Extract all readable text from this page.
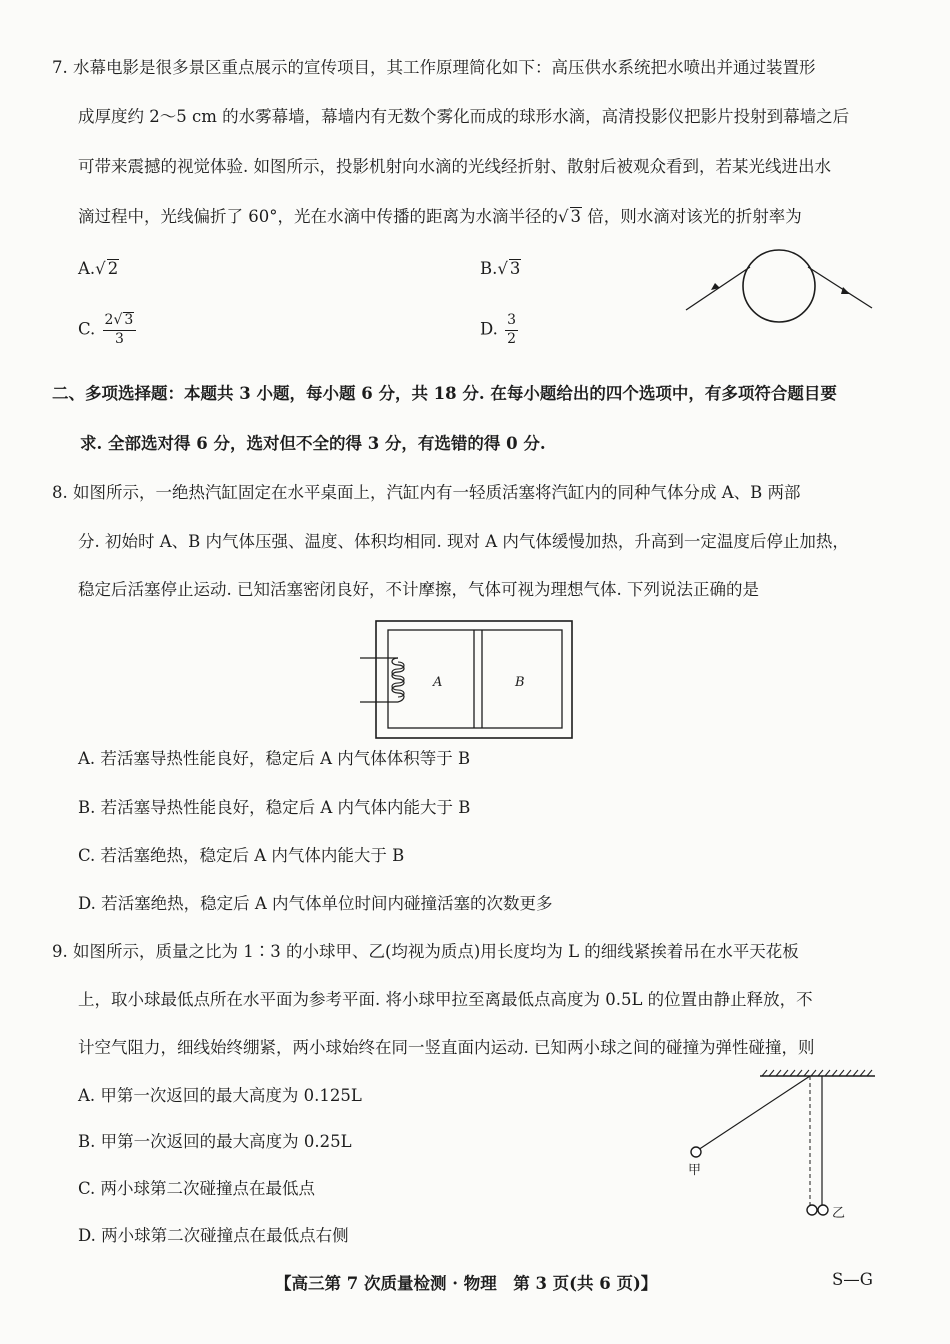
7. 水幕电影是很多景区重点展示的宣传项目，其工作原理简化如下：高压供水系统把水喷出并通过装置形
成厚度约 2～5 cm 的水雾幕墙，幕墙内有无数个雾化而成的球形水滴，高清投影仪把影片投射到幕墙之后
可带来震撼的视觉体验. 如图所示，投影机射向水滴的光线经折射、散射后被观众看到，若某光线进出水
滴过程中，光线偏折了 60°，光在水滴中传播的距离为水滴半径的√ 3 倍，则水滴对该光的折射率为
A.√ 2	B.√ 3
C. $\frac{2√ 3}{3}$	D. $\frac{3}{2}$
二、多项选择题：本题共 3 小题，每小题 6 分，共 18 分. 在每小题给出的四个选项中，有多项符合题目要
求. 全部选对得 6 分，选对但不全的得 3 分，有选错的得 0 分.
8. 如图所示，一绝热汽缸固定在水平桌面上，汽缸内有一轻质活塞将汽缸内的同种气体分成 A、B 两部
分. 初始时 A、B 内气体压强、温度、体积均相同. 现对 A 内气体缓慢加热，升高到一定温度后停止加热，
稳定后活塞停止运动. 已知活塞密闭良好，不计摩擦，气体可视为理想气体. 下列说法正确的是
A	B
A. 若活塞导热性能良好，稳定后 A 内气体体积等于 B
B. 若活塞导热性能良好，稳定后 A 内气体内能大于 B
C. 若活塞绝热，稳定后 A 内气体内能大于 B
D. 若活塞绝热，稳定后 A 内气体单位时间内碰撞活塞的次数更多
9. 如图所示，质量之比为 1∶3 的小球甲、乙(均视为质点)用长度均为 L 的细线紧挨着吊在水平天花板
上，取小球最低点所在水平面为参考平面. 将小球甲拉至离最低点高度为 0.5L 的位置由静止释放，不
计空气阻力，细线始终绷紧，两小球始终在同一竖直面内运动. 已知两小球之间的碰撞为弹性碰撞，则
A. 甲第一次返回的最大高度为 0.125L
B. 甲第一次返回的最大高度为 0.25L
C. 两小球第二次碰撞点在最低点
D. 两小球第二次碰撞点在最低点右侧
甲
乙
【高三第 7 次质量检测 · 物理　第 3 页(共 6 页)】	S—G
